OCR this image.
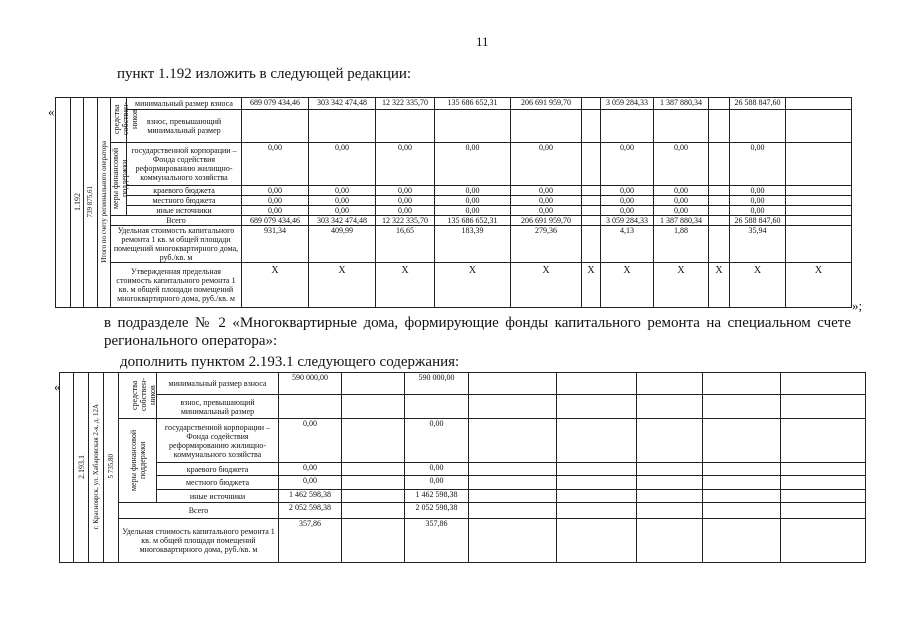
11
пункт 1.192 изложить в следующей редакции:
«
	1.192	739 875,61	Итого по счету регионального оператора	средства собствен-ников	минимальный размер взноса	689 079 434,46	303 342 474,48	12 322 335,70	135 686 652,31	206 691 959,70		3 059 284,33	1 387 880,34		26 588 847,60	
					взнос, превышающий минимальный размер											
				меры финансовой поддержки	государственной корпорации – Фонда содействия реформированию жилищно-коммунального хозяйства	0,00	0,00	0,00	0,00	0,00		0,00	0,00		0,00	
					краевого бюджета	0,00	0,00	0,00	0,00	0,00		0,00	0,00		0,00	
					местного бюджета	0,00	0,00	0,00	0,00	0,00		0,00	0,00		0,00	
					иные источники	0,00	0,00	0,00	0,00	0,00		0,00	0,00		0,00	
				Всего		689 079 434,46	303 342 474,48	12 322 335,70	135 686 652,31	206 691 959,70		3 059 284,33	1 387 880,34		26 588 847,60	
				Удельная стоимость капитального ремонта 1 кв. м общей площади помещений многоквартирного дома, руб./кв. м		931,34	409,99	16,65	183,39	279,36		4,13	1,88		35,94	
				Утвержденная предельная стоимость капитального ремонта 1 кв. м общей площади помещений многоквартирного дома, руб./кв. м		X	X	X	X	X	X	X	X	X	X	X
»;
в подразделе № 2 «Многоквартирные дома, формирующие фонды капитального ремонта на специальном счете
регионального оператора»:
дополнить пунктом 2.193.1 следующего содержания:
«
	2.193.1	г. Красноярск, ул. Хабаровская 2-я, д. 12А	5 735,80	средства собствен-ников	минимальный размер взноса	590 000,00		590 000,00					
					взнос, превышающий минимальный размер								
				меры финансовой поддержки	государственной корпорации – Фонда содействия реформированию жилищно-коммунального хозяйства	0,00		0,00					
					краевого бюджета	0,00		0,00					
					местного бюджета	0,00		0,00					
					иные источники	1 462 598,38		1 462 598,38					
				Всего		2 052 598,38		2 052 598,38					
				Удельная стоимость капитального ремонта 1 кв. м общей площади помещений многоквартирного дома, руб./кв. м		357,86		357,86					
